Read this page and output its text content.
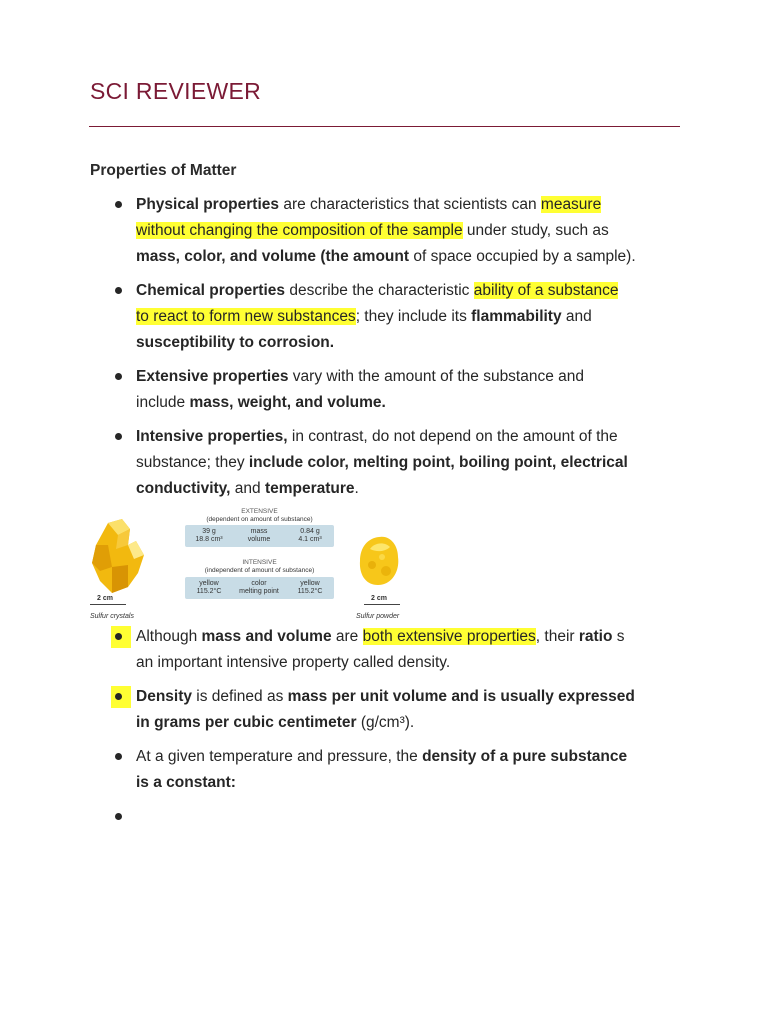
SCI REVIEWER
Properties of Matter
Physical properties are characteristics that scientists can measure
without changing the composition of the sample under study, such as
mass, color, and volume (the amount of space occupied by a sample).
Chemical properties describe the characteristic ability of a substance
to react to form new substances; they include its flammability and
susceptibility to corrosion.
Extensive properties vary with the amount of the substance and
include mass, weight, and volume.
Intensive properties, in contrast, do not depend on the amount of the
substance; they include color, melting point, boiling point, electrical
conductivity, and temperature.
2 cm
Sulfur crystals
EXTENSIVE
(dependent on amount of substance)
39 g
18.8 cm³
mass
volume
0.84 g
4.1 cm³
INTENSIVE
(independent of amount of substance)
yellow
115.2°C
color
melting point
yellow
115.2°C
2 cm
Sulfur powder
Although mass and volume are both extensive properties, their ratio s
an important intensive property called density.
Density is defined as mass per unit volume and is usually expressed
in grams per cubic centimeter (g/cm³).
At a given temperature and pressure, the density of a pure substance
is a constant:
